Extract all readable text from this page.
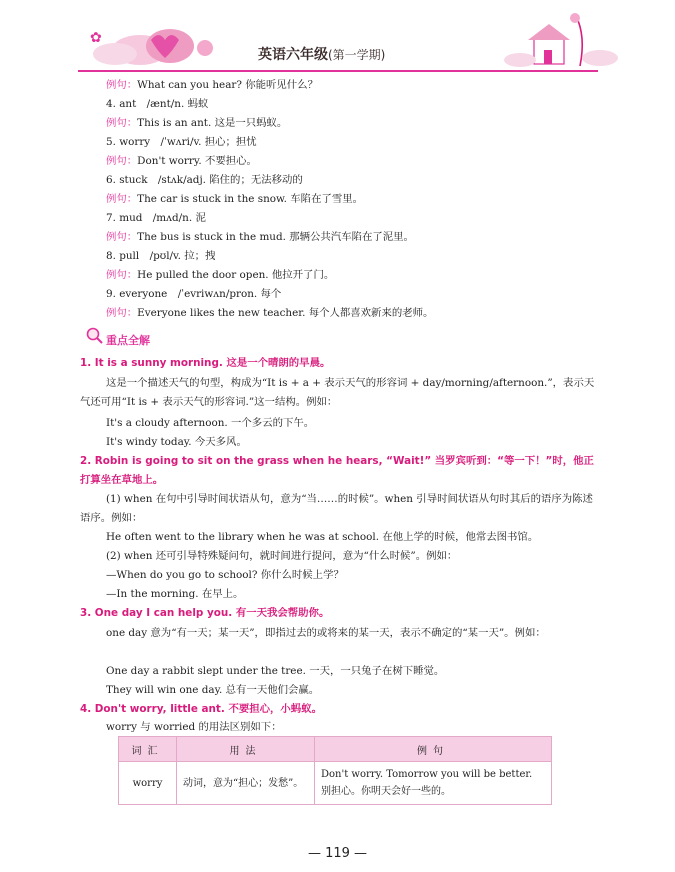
✿
英语六年级(第一学期)
例句：What can you hear? 你能听见什么？
4. ant　/ænt/n. 蚂蚁
例句：This is an ant. 这是一只蚂蚁。
5. worry　/ˈwʌri/v. 担心；担忧
例句：Don't worry. 不要担心。
6. stuck　/stʌk/adj. 陷住的；无法移动的
例句：The car is stuck in the snow. 车陷在了雪里。
7. mud　/mʌd/n. 泥
例句：The bus is stuck in the mud. 那辆公共汽车陷在了泥里。
8. pull　/pʊl/v. 拉；拽
例句：He pulled the door open. 他拉开了门。
9. everyone　/ˈevriwʌn/pron. 每个
例句：Everyone likes the new teacher. 每个人都喜欢新来的老师。
重点全解
1. It is a sunny morning. 这是一个晴朗的早晨。
这是一个描述天气的句型，构成为“It is + a + 表示天气的形容词 + day/morning/afternoon.”，表示天气还可用“It is + 表示天气的形容词.”这一结构。例如：
It's a cloudy afternoon. 一个多云的下午。
It's windy today. 今天多风。
2. Robin is going to sit on the grass when he hears, “Wait!” 当罗宾听到：“等一下！”时，他正打算坐在草地上。
(1) when 在句中引导时间状语从句，意为“当……的时候”。when 引导时间状语从句时其后的语序为陈述语序。例如：
He often went to the library when he was at school. 在他上学的时候，他常去图书馆。
(2) when 还可引导特殊疑问句，就时间进行提问，意为“什么时候”。例如：
—When do you go to school? 你什么时候上学？
—In the morning. 在早上。
3. One day I can help you. 有一天我会帮助你。
one day 意为“有一天；某一天”，即指过去的或将来的某一天，表示不确定的“某一天”。例如：
One day a rabbit slept under the tree. 一天，一只兔子在树下睡觉。
They will win one day. 总有一天他们会赢。
4. Don't worry, little ant. 不要担心，小蚂蚁。
worry 与 worried 的用法区别如下：
词汇	用法	例句
worry	动词，意为“担心；发愁”。	Don't worry. Tomorrow you will be better. 别担心。你明天会好一些的。
— 119 —
